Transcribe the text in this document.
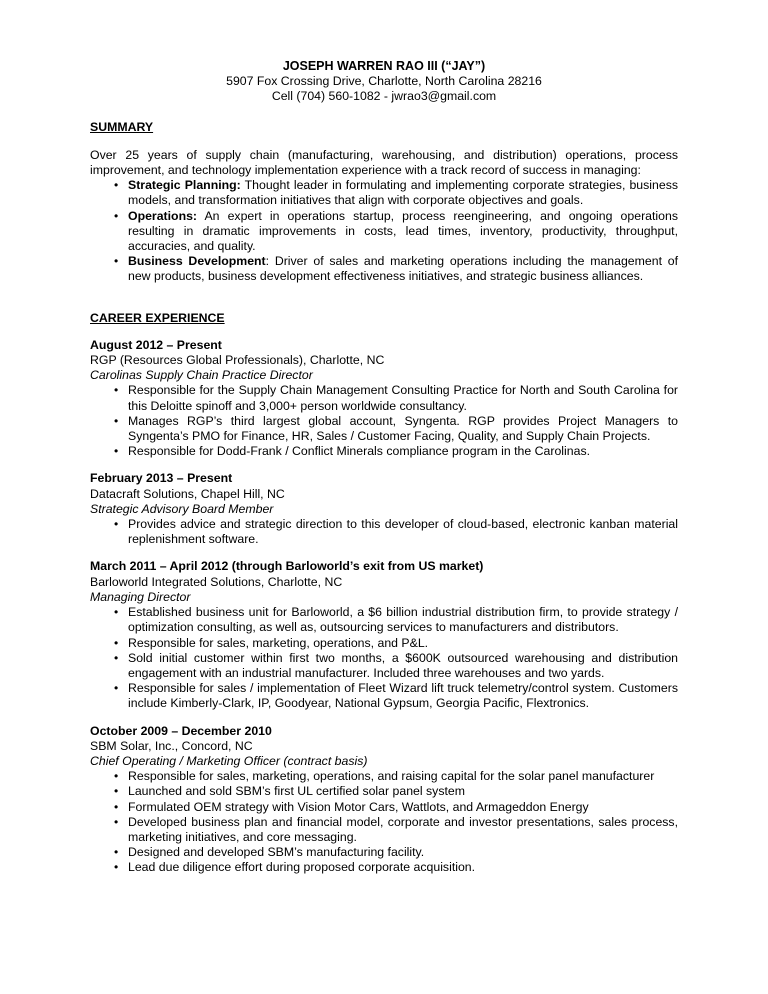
JOSEPH WARREN RAO III (“JAY”)
5907 Fox Crossing Drive, Charlotte, North Carolina 28216
Cell (704) 560-1082 - jwrao3@gmail.com
SUMMARY
Over 25 years of supply chain (manufacturing, warehousing, and distribution) operations, process improvement, and technology implementation experience with a track record of success in managing:
• Strategic Planning: Thought leader in formulating and implementing corporate strategies, business models, and transformation initiatives that align with corporate objectives and goals.
• Operations: An expert in operations startup, process reengineering, and ongoing operations resulting in dramatic improvements in costs, lead times, inventory, productivity, throughput, accuracies, and quality.
• Business Development: Driver of sales and marketing operations including the management of new products, business development effectiveness initiatives, and strategic business alliances.
CAREER EXPERIENCE
August 2012 – Present
RGP (Resources Global Professionals), Charlotte, NC
Carolinas Supply Chain Practice Director
• Responsible for the Supply Chain Management Consulting Practice for North and South Carolina for this Deloitte spinoff and 3,000+ person worldwide consultancy.
• Manages RGP’s third largest global account, Syngenta. RGP provides Project Managers to Syngenta’s PMO for Finance, HR, Sales / Customer Facing, Quality, and Supply Chain Projects.
• Responsible for Dodd-Frank / Conflict Minerals compliance program in the Carolinas.
February 2013 – Present
Datacraft Solutions, Chapel Hill, NC
Strategic Advisory Board Member
• Provides advice and strategic direction to this developer of cloud-based, electronic kanban material replenishment software.
March 2011 – April 2012 (through Barloworld’s exit from US market)
Barloworld Integrated Solutions, Charlotte, NC
Managing Director
• Established business unit for Barloworld, a $6 billion industrial distribution firm, to provide strategy / optimization consulting, as well as, outsourcing services to manufacturers and distributors.
• Responsible for sales, marketing, operations, and P&L.
• Sold initial customer within first two months, a $600K outsourced warehousing and distribution engagement with an industrial manufacturer. Included three warehouses and two yards.
• Responsible for sales / implementation of Fleet Wizard lift truck telemetry/control system. Customers include Kimberly-Clark, IP, Goodyear, National Gypsum, Georgia Pacific, Flextronics.
October 2009 – December 2010
SBM Solar, Inc., Concord, NC
Chief Operating / Marketing Officer (contract basis)
• Responsible for sales, marketing, operations, and raising capital for the solar panel manufacturer
• Launched and sold SBM’s first UL certified solar panel system
• Formulated OEM strategy with Vision Motor Cars, Wattlots, and Armageddon Energy
• Developed business plan and financial model, corporate and investor presentations, sales process, marketing initiatives, and core messaging.
• Designed and developed SBM’s manufacturing facility.
• Lead due diligence effort during proposed corporate acquisition.
